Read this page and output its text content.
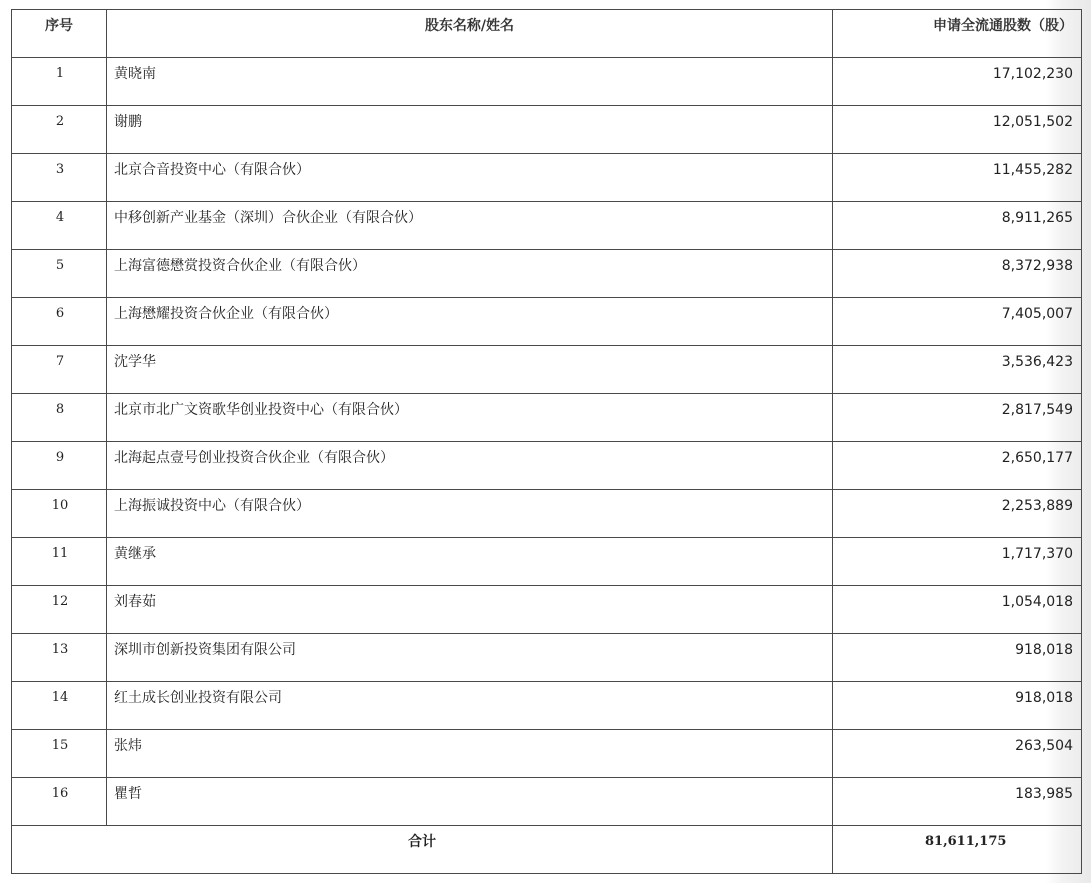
序号	股东名称/姓名	申请全流通股数（股）

1	黄晓南	17,102,230

2	谢鹏	12,051,502

3	北京合音投资中心（有限合伙）	11,455,282

4	中移创新产业基金（深圳）合伙企业（有限合伙）	8,911,265

5	上海富德懋赏投资合伙企业（有限合伙）	8,372,938

6	上海懋耀投资合伙企业（有限合伙）	7,405,007

7	沈学华	3,536,423

8	北京市北广文资歌华创业投资中心（有限合伙）	2,817,549

9	北海起点壹号创业投资合伙企业（有限合伙）	2,650,177

10	上海振诚投资中心（有限合伙）	2,253,889

11	黄继承	1,717,370

12	刘春茹	1,054,018

13	深圳市创新投资集团有限公司	918,018

14	红土成长创业投资有限公司	918,018

15	张炜	263,504

16	瞿哲	183,985

合计		81,611,175
